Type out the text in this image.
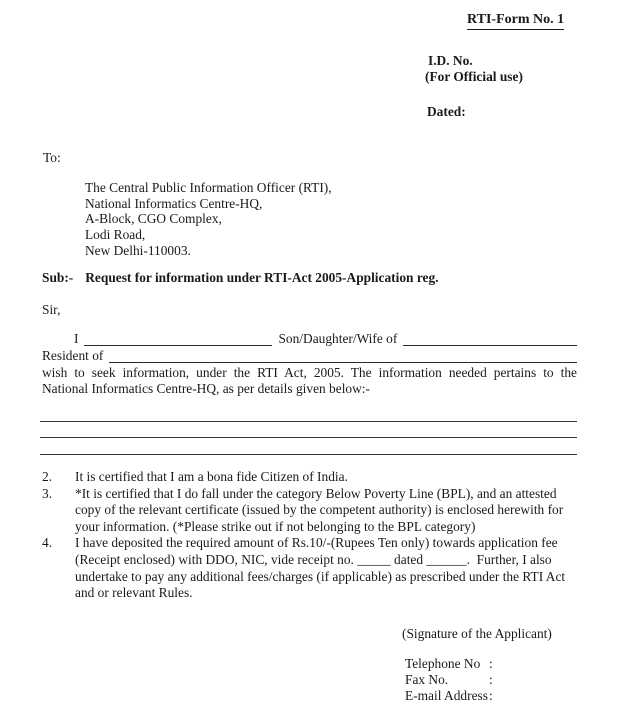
RTI-Form No. 1
I.D. No.
(For Official use)
Dated:
To:
The Central Public Information Officer (RTI),
National Informatics Centre-HQ,
A-Block, CGO Complex,
Lodi Road,
New Delhi-110003.
Sub:- Request for information under RTI-Act 2005-Application reg.
Sir,
I	Son/Daughter/Wife of
Resident of
wish to seek information, under the RTI Act, 2005. The information needed pertains to the
National Informatics Centre-HQ, as per details given below:-
2.	It is certified that I am a bona fide Citizen of India.
3.	*It is certified that I do fall under the category Below Poverty Line (BPL), and an attested
copy of the relevant certificate (issued by the competent authority) is enclosed herewith for
your information. (*Please strike out if not belonging to the BPL category)
4.	I have deposited the required amount of Rs.10/-(Rupees Ten only) towards application fee
(Receipt enclosed) with DDO, NIC, vide receipt no. _____ dated ______.  Further, I also
undertake to pay any additional fees/charges (if applicable) as prescribed under the RTI Act
and or relevant Rules.
(Signature of the Applicant)
Telephone No :
Fax No.	:
E-mail Address:
